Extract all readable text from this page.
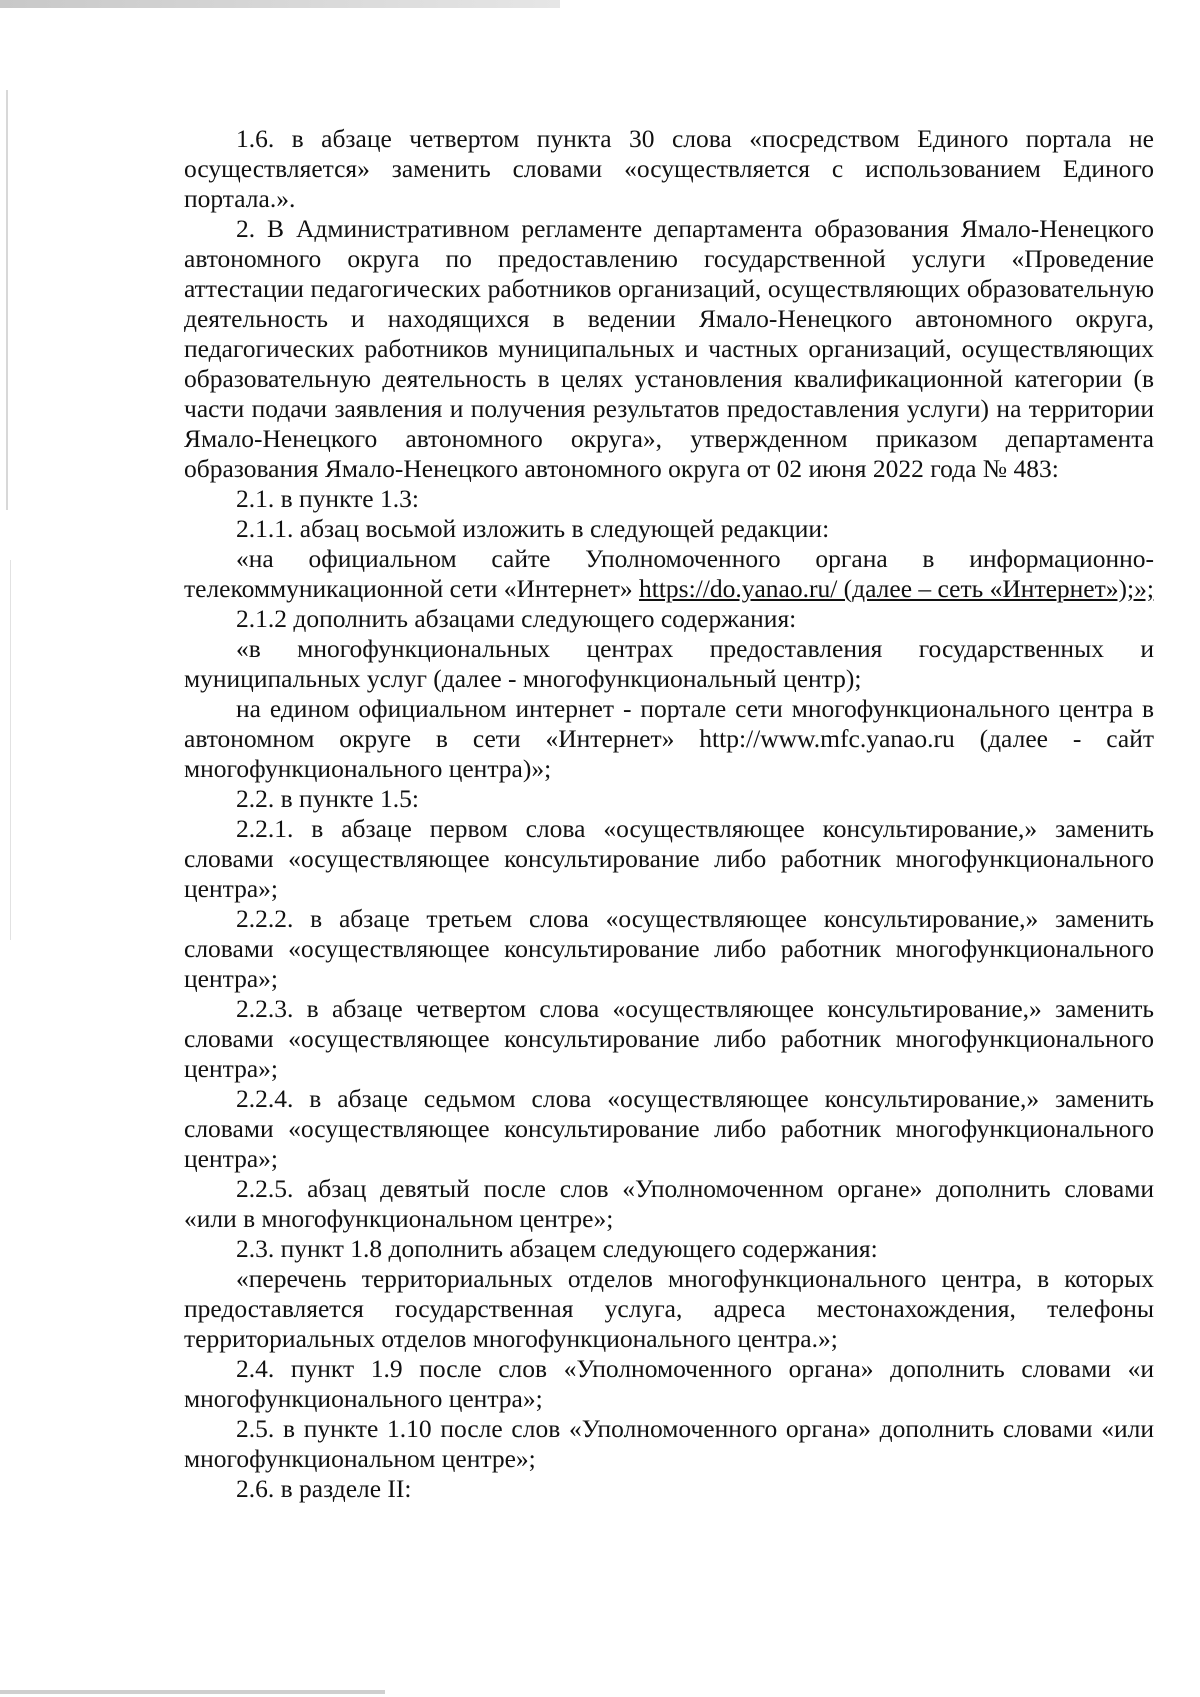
1.6. в абзаце четвертом пункта 30 слова «посредством Единого портала не осуществляется» заменить словами «осуществляется с использованием Единого портала.».

2. В Административном регламенте департамента образования Ямало-Ненецкого автономного округа по предоставлению государственной услуги «Проведение аттестации педагогических работников организаций, осуществляющих образовательную деятельность и находящихся в ведении Ямало-Ненецкого автономного округа, педагогических работников муниципальных и частных организаций, осуществляющих образовательную деятельность в целях установления квалификационной категории (в части подачи заявления и получения результатов предоставления услуги) на территории Ямало-Ненецкого автономного округа», утвержденном приказом департамента образования Ямало-Ненецкого автономного округа от 02 июня 2022 года № 483:

2.1. в пункте 1.3:

2.1.1. абзац восьмой изложить в следующей редакции:

«на официальном сайте Уполномоченного органа в информационно-телекоммуникационной сети «Интернет» https://do.yanao.ru/ (далее – сеть «Интернет»);»;

2.1.2 дополнить абзацами следующего содержания:

«в многофункциональных центрах предоставления государственных и муниципальных услуг (далее - многофункциональный центр);

на едином официальном интернет - портале сети многофункционального центра в автономном округе в сети «Интернет» http://www.mfc.yanao.ru (далее - сайт многофункционального центра)»;

2.2. в пункте 1.5:

2.2.1. в абзаце первом слова «осуществляющее консультирование,» заменить словами «осуществляющее консультирование либо работник многофункционального центра»;

2.2.2. в абзаце третьем слова «осуществляющее консультирование,» заменить словами «осуществляющее консультирование либо работник многофункционального центра»;

2.2.3. в абзаце четвертом слова «осуществляющее консультирование,» заменить словами «осуществляющее консультирование либо работник многофункционального центра»;

2.2.4. в абзаце седьмом слова «осуществляющее консультирование,» заменить словами «осуществляющее консультирование либо работник многофункционального центра»;

2.2.5. абзац девятый после слов «Уполномоченном органе» дополнить словами «или в многофункциональном центре»;

2.3. пункт 1.8 дополнить абзацем следующего содержания:

«перечень территориальных отделов многофункционального центра, в которых предоставляется государственная услуга, адреса местонахождения, телефоны территориальных отделов многофункционального центра.»;

2.4. пункт 1.9 после слов «Уполномоченного органа» дополнить словами «и многофункционального центра»;

2.5. в пункте 1.10 после слов «Уполномоченного органа» дополнить словами «или многофункциональном центре»;

2.6. в разделе II:
